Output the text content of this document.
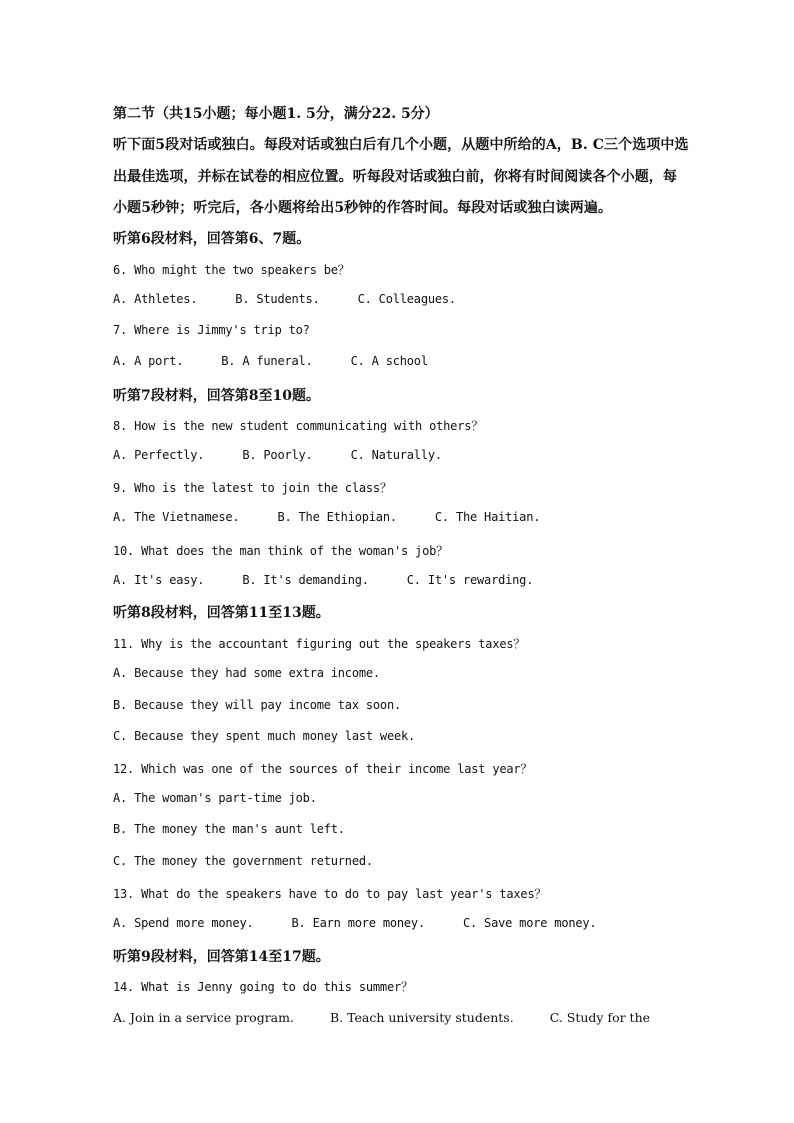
第二节（共15小题；每小题1. 5分，满分22. 5分）
听下面5段对话或独白。每段对话或独白后有几个小题，从题中所给的A，B. C三个选项中选
出最佳选项，并标在试卷的相应位置。听每段对话或独白前，你将有时间阅读各个小题，每
小题5秒钟；听完后，各小题将给出5秒钟的作答时间。每段对话或独白读两遍。
听第6段材料，回答第6、7题。
6. Who might the two speakers be？
A. Athletes.	B. Students.	C. Colleagues.
7. Where is Jimmy's trip to?
A. A port.	B. A funeral.	C. A school
听第7段材料，回答第8至10题。
8. How is the new student communicating with others？
A. Perfectly.	B. Poorly.	C. Naturally.
9. Who is the latest to join the class？
A. The Vietnamese.	B. The Ethiopian.	C. The Haitian.
10. What does the man think of the woman's job？
A. It's easy.	B. It's demanding.	C. It's rewarding.
听第8段材料，回答第11至13题。
11. Why is the accountant figuring out the speakers taxes？
A. Because they had some extra income.
B. Because they will pay income tax soon.
C. Because they spent much money last week.
12. Which was one of the sources of their income last year？
A. The woman's part-time job.
B. The money the man's aunt left.
C. The money the government returned.
13. What do the speakers have to do to pay last year's taxes？
A. Spend more money.	B. Earn more money.	C. Save more money.
听第9段材料，回答第14至17题。
14. What is Jenny going to do this summer？
A. Join in a service program.	B. Teach university students.	C. Study for the
